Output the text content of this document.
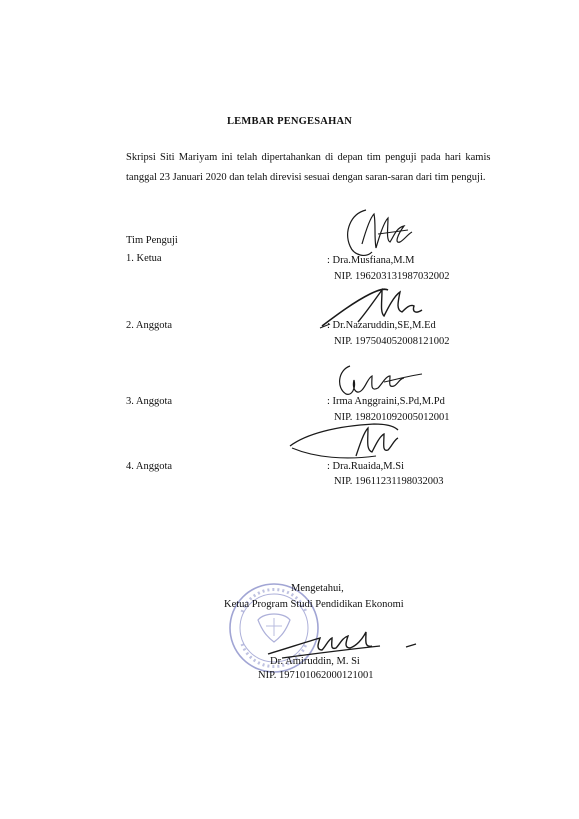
LEMBAR PENGESAHAN
Skripsi Siti Mariyam ini telah dipertahankan di depan tim penguji pada hari kamis
tanggal 23 Januari 2020 dan telah direvisi sesuai dengan saran-saran dari tim penguji.
Tim Penguji
1. Ketua	: Dra.Musfiana,M.M
NIP. 196203131987032002
2. Anggota	: Dr.Nazaruddin,SE,M.Ed
NIP. 197504052008121002
3. Anggota	: Irma Anggraini,S.Pd,M.Pd
NIP. 198201092005012001
4. Anggota	: Dra.Ruaida,M.Si
NIP. 19611231198032003
Mengetahui,
Ketua Program Studi Pendidikan Ekonomi
Dr. Amiruddin, M. Si
NIP. 197101062000121001
